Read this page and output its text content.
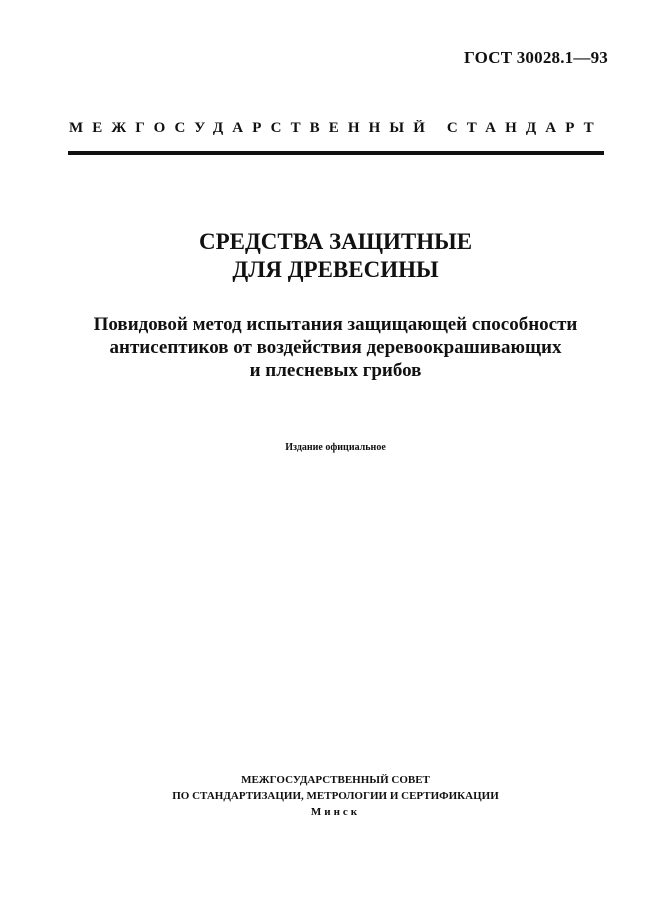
ГОСТ 30028.1—93
МЕЖГОСУДАРСТВЕННЫЙ СТАНДАРТ
СРЕДСТВА ЗАЩИТНЫЕ
ДЛЯ ДРЕВЕСИНЫ
Повидовой метод испытания защищающей способности
антисептиков от воздействия деревоокрашивающих
и плесневых грибов
Издание официальное
МЕЖГОСУДАРСТВЕННЫЙ СОВЕТ
ПО СТАНДАРТИЗАЦИИ, МЕТРОЛОГИИ И СЕРТИФИКАЦИИ
Минск
